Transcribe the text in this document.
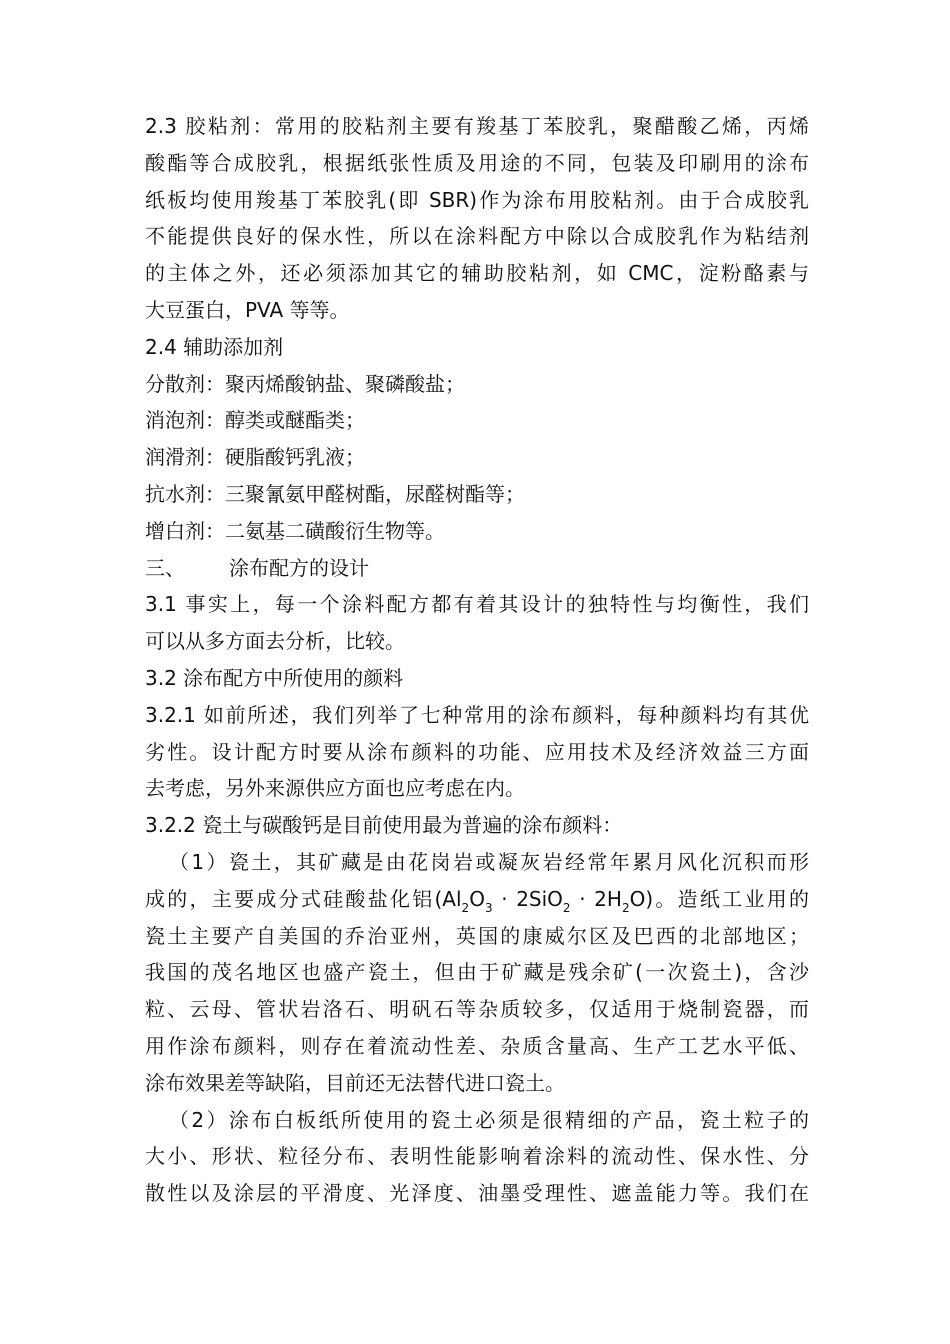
2.3 胶粘剂：常用的胶粘剂主要有羧基丁苯胶乳，聚醋酸乙烯，丙烯
酸酯等合成胶乳，根据纸张性质及用途的不同，包装及印刷用的涂布
纸板均使用羧基丁苯胶乳(即 SBR)作为涂布用胶粘剂。由于合成胶乳
不能提供良好的保水性，所以在涂料配方中除以合成胶乳作为粘结剂
的主体之外，还必须添加其它的辅助胶粘剂，如 CMC，淀粉酪素与
大豆蛋白，PVA 等等。
2.4 辅助添加剂
分散剂：聚丙烯酸钠盐、聚磷酸盐；
消泡剂：醇类或醚酯类；
润滑剂：硬脂酸钙乳液；
抗水剂：三聚氰氨甲醛树酯，尿醛树酯等；
增白剂：二氨基二磺酸衍生物等。
三、 涂布配方的设计
3.1 事实上，每一个涂料配方都有着其设计的独特性与均衡性，我们
可以从多方面去分析，比较。
3.2 涂布配方中所使用的颜料
3.2.1 如前所述，我们列举了七种常用的涂布颜料，每种颜料均有其优
劣性。设计配方时要从涂布颜料的功能、应用技术及经济效益三方面
去考虑，另外来源供应方面也应考虑在内。
3.2.2 瓷土与碳酸钙是目前使用最为普遍的涂布颜料：
（1）瓷土，其矿藏是由花岗岩或凝灰岩经常年累月风化沉积而形
成的，主要成分式硅酸盐化铝$(Al_2O_3 \cdot 2SiO_2 \cdot 2H_2O)$。造纸工业用的
瓷土主要产自美国的乔治亚州，英国的康威尔区及巴西的北部地区；
我国的茂名地区也盛产瓷土，但由于矿藏是残余矿(一次瓷土)，含沙
粒、云母、管状岩洛石、明矾石等杂质较多，仅适用于烧制瓷器，而
用作涂布颜料，则存在着流动性差、杂质含量高、生产工艺水平低、
涂布效果差等缺陷，目前还无法替代进口瓷土。
（2）涂布白板纸所使用的瓷土必须是很精细的产品，瓷土粒子的
大小、形状、粒径分布、表明性能影响着涂料的流动性、保水性、分
散性以及涂层的平滑度、光泽度、油墨受理性、遮盖能力等。我们在
